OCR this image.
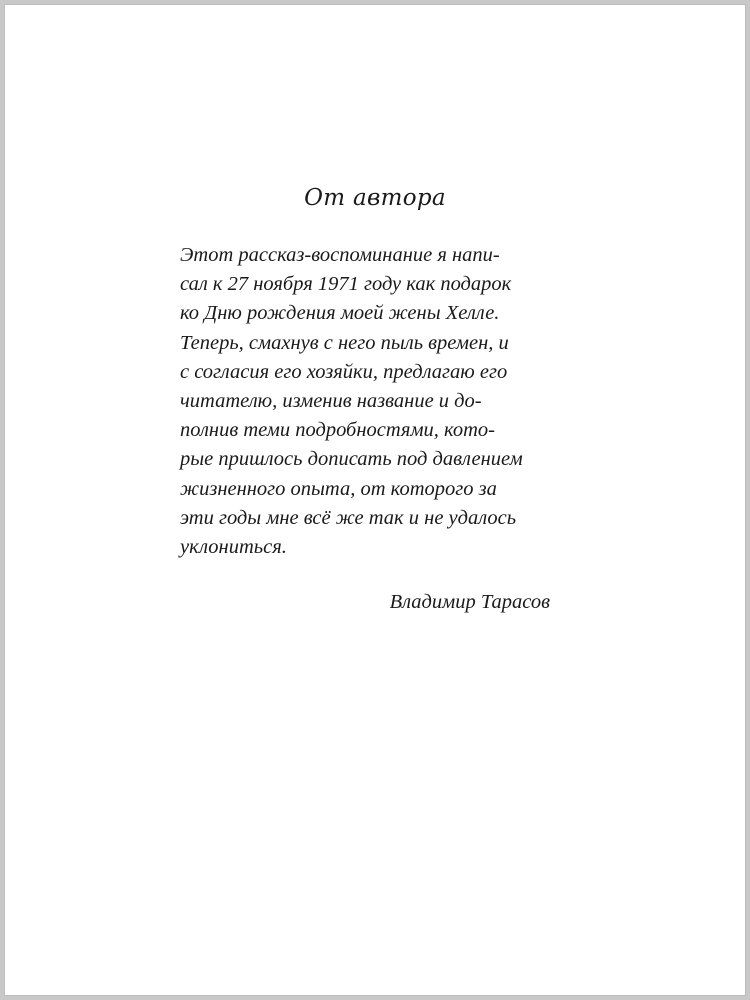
От автора
Этот рассказ-воспоминание я напи-
сал к 27 ноября 1971 году как подарок
ко Дню рождения моей жены Хелле.
Теперь, смахнув с него пыль времен, и
с согласия его хозяйки, предлагаю его
читателю, изменив название и до-
полнив теми подробностями, кото-
рые пришлось дописать под давлением
жизненного опыта, от которого за
эти годы мне всё же так и не удалось
уклониться.
Владимир Тарасов
